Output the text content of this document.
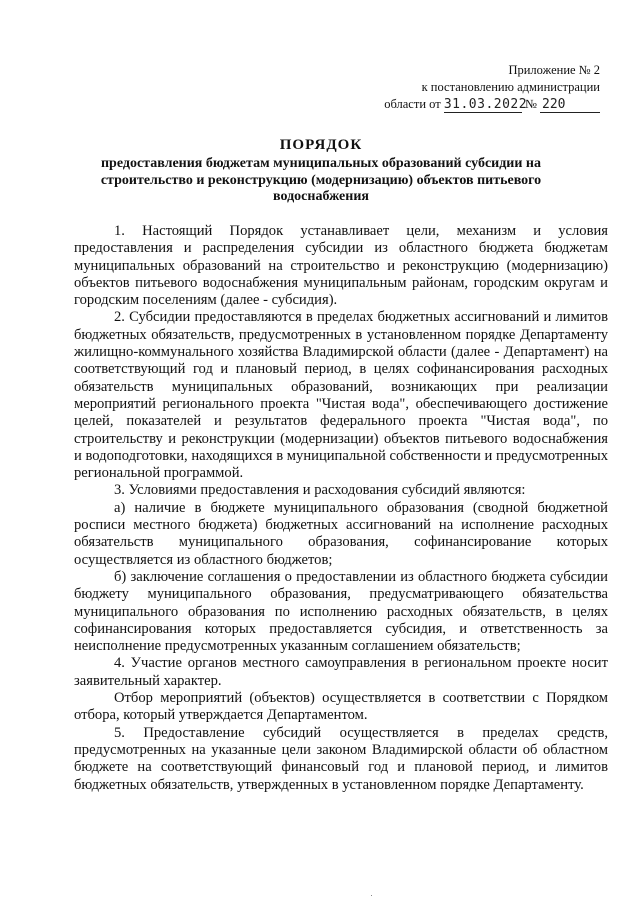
Приложение № 2
к постановлению администрации
области от 31.03.2022 № 220
ПОРЯДОК
предоставления бюджетам муниципальных образований субсидии на строительство и реконструкцию (модернизацию) объектов питьевого водоснабжения

1. Настоящий Порядок устанавливает цели, механизм и условия предоставления и распределения субсидии из областного бюджета бюджетам муниципальных образований на строительство и реконструкцию (модернизацию) объектов питьевого водоснабжения муниципальным районам, городским округам и городским поселениям (далее - субсидия).

2. Субсидии предоставляются в пределах бюджетных ассигнований и лимитов бюджетных обязательств, предусмотренных в установленном порядке Департаменту жилищно-коммунального хозяйства Владимирской области (далее - Департамент) на соответствующий год и плановый период, в целях софинансирования расходных обязательств муниципальных образований, возникающих при реализации мероприятий регионального проекта "Чистая вода", обеспечивающего достижение целей, показателей и результатов федерального проекта "Чистая вода", по строительству и реконструкции (модернизации) объектов питьевого водоснабжения и водоподготовки, находящихся в муниципальной собственности и предусмотренных региональной программой.

3. Условиями предоставления и расходования субсидий являются:

а) наличие в бюджете муниципального образования (сводной бюджетной росписи местного бюджета) бюджетных ассигнований на исполнение расходных обязательств муниципального образования, софинансирование которых осуществляется из областного бюджетов;

б) заключение соглашения о предоставлении из областного бюджета субсидии бюджету муниципального образования, предусматривающего обязательства муниципального образования по исполнению расходных обязательств, в целях софинансирования которых предоставляется субсидия, и ответственность за неисполнение предусмотренных указанным соглашением обязательств;

4. Участие органов местного самоуправления в региональном проекте носит заявительный характер.

Отбор мероприятий (объектов) осуществляется в соответствии с Порядком отбора, который утверждается Департаментом.

5. Предоставление субсидий осуществляется в пределах средств, предусмотренных на указанные цели законом Владимирской области об областном бюджете на соответствующий финансовый год и плановой период, и лимитов бюджетных обязательств, утвержденных в установленном порядке Департаменту.
